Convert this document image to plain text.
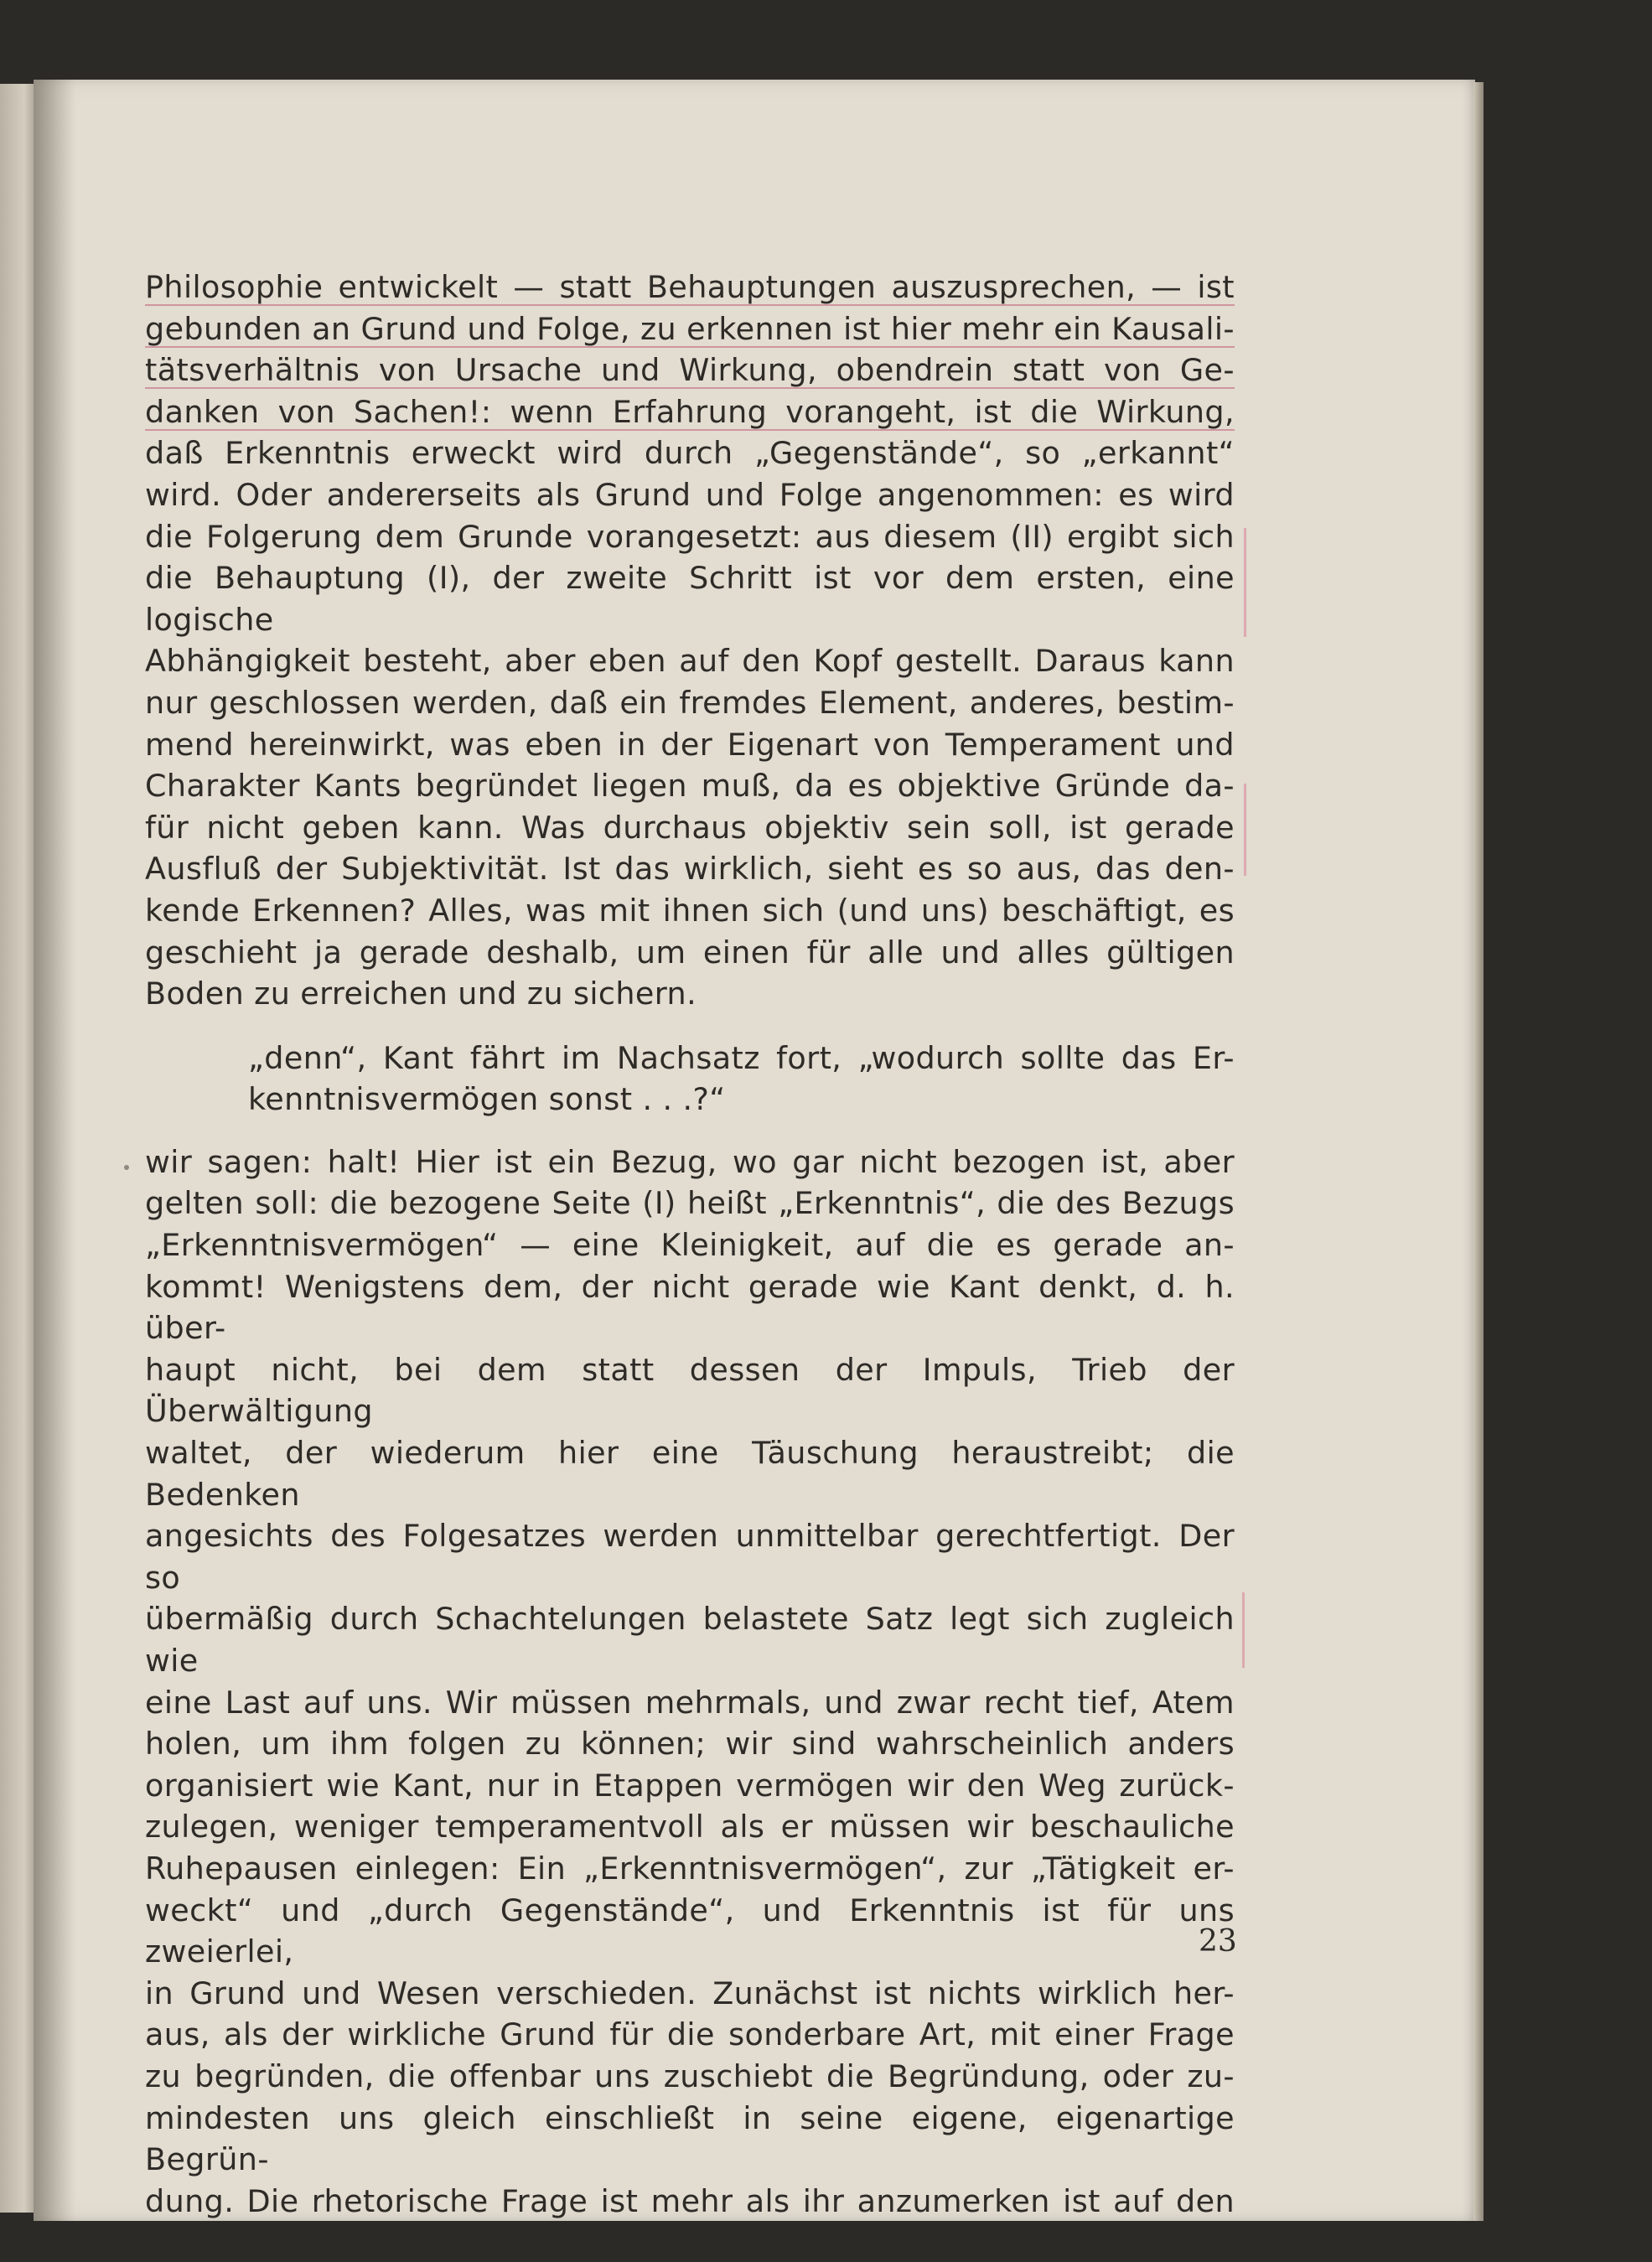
Philosophie entwickelt — statt Behauptungen auszusprechen, — ist
gebunden an Grund und Folge, zu erkennen ist hier mehr ein Kausali-
tätsverhältnis von Ursache und Wirkung, obendrein statt von Ge-
danken von Sachen!: wenn Erfahrung vorangeht, ist die Wirkung,
daß Erkenntnis erweckt wird durch „Gegenstände“, so „erkannt“
wird. Oder andererseits als Grund und Folge angenommen: es wird
die Folgerung dem Grunde vorangesetzt: aus diesem (II) ergibt sich
die Behauptung (I), der zweite Schritt ist vor dem ersten, eine logische
Abhängigkeit besteht, aber eben auf den Kopf gestellt. Daraus kann
nur geschlossen werden, daß ein fremdes Element, anderes, bestim-
mend hereinwirkt, was eben in der Eigenart von Temperament und
Charakter Kants begründet liegen muß, da es objektive Gründe da-
für nicht geben kann. Was durchaus objektiv sein soll, ist gerade
Ausfluß der Subjektivität. Ist das wirklich, sieht es so aus, das den-
kende Erkennen? Alles, was mit ihnen sich (und uns) beschäftigt, es
geschieht ja gerade deshalb, um einen für alle und alles gültigen
Boden zu erreichen und zu sichern.
„denn“, Kant fährt im Nachsatz fort, „wodurch sollte das Er-
kenntnisvermögen sonst . . .?“
wir sagen: halt! Hier ist ein Bezug, wo gar nicht bezogen ist, aber
gelten soll: die bezogene Seite (I) heißt „Erkenntnis“, die des Bezugs
„Erkenntnisvermögen“ — eine Kleinigkeit, auf die es gerade an-
kommt! Wenigstens dem, der nicht gerade wie Kant denkt, d. h. über-
haupt nicht, bei dem statt dessen der Impuls, Trieb der Überwältigung
waltet, der wiederum hier eine Täuschung heraustreibt; die Bedenken
angesichts des Folgesatzes werden unmittelbar gerechtfertigt. Der so
übermäßig durch Schachtelungen belastete Satz legt sich zugleich wie
eine Last auf uns. Wir müssen mehrmals, und zwar recht tief, Atem
holen, um ihm folgen zu können; wir sind wahrscheinlich anders
organisiert wie Kant, nur in Etappen vermögen wir den Weg zurück-
zulegen, weniger temperamentvoll als er müssen wir beschauliche
Ruhepausen einlegen: Ein „Erkenntnisvermögen“, zur „Tätigkeit er-
weckt“ und „durch Gegenstände“, und Erkenntnis ist für uns zweierlei,
in Grund und Wesen verschieden. Zunächst ist nichts wirklich her-
aus, als der wirkliche Grund für die sonderbare Art, mit einer Frage
zu begründen, die offenbar uns zuschiebt die Begründung, oder zu-
mindesten uns gleich einschließt in seine eigene, eigenartige Begrün-
dung. Die rhetorische Frage ist mehr als ihr anzumerken ist auf den
23
